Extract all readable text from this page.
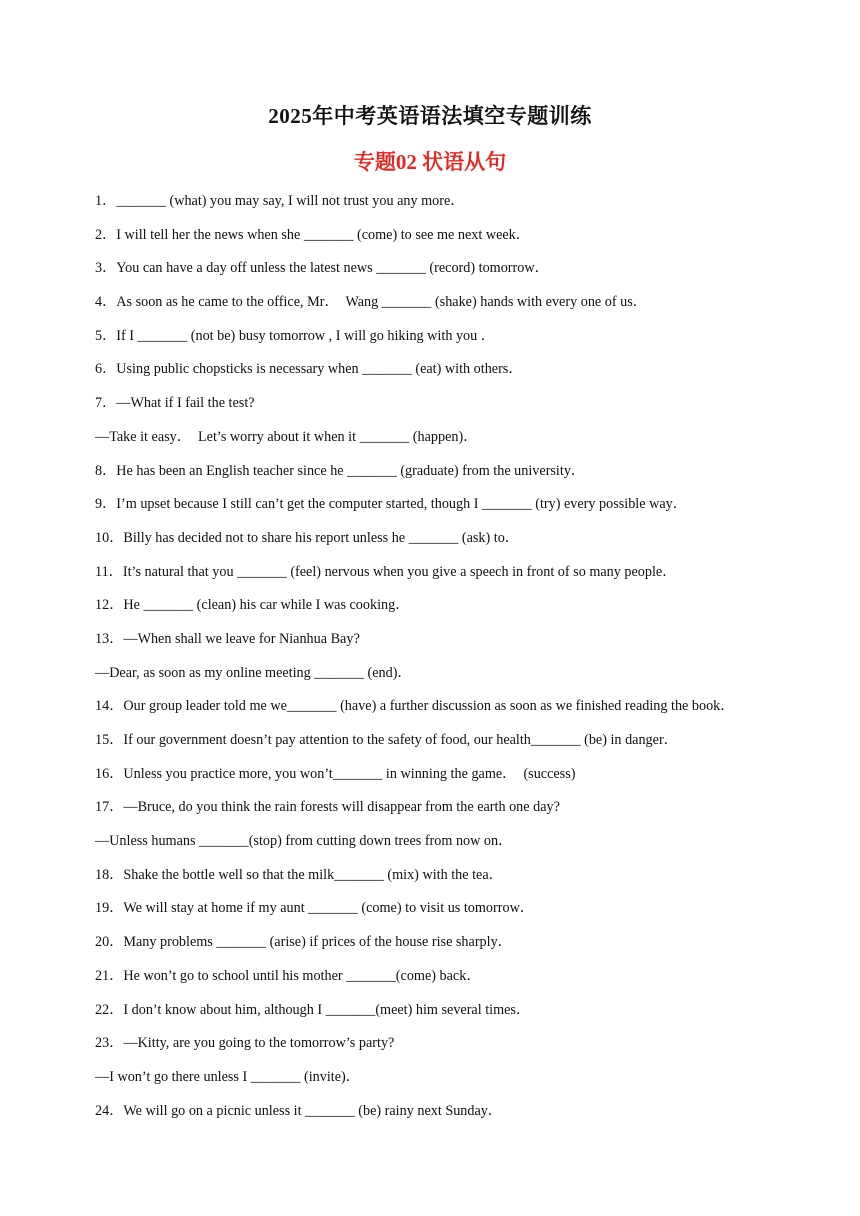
2025年中考英语语法填空专题训练
专题02 状语从句
1．_______ (what) you may say, I will not trust you any more．
2．I will tell her the news when she _______ (come) to see me next week．
3．You can have a day off unless the latest news _______ (record) tomorrow．
4．As soon as he came to the office, Mr．  Wang _______ (shake) hands with every one of us．
5．If I _______ (not be) busy tomorrow , I will go hiking with you ．
6．Using public chopsticks is necessary when _______ (eat) with others．
7．—What if I fail the test?
—Take it easy．  Let’s worry about it when it _______ (happen)．
8．He has been an English teacher since he _______ (graduate) from the university．
9．I’m upset because I still can’t get the computer started, though I _______ (try) every possible way．
10．Billy has decided not to share his report unless he _______ (ask) to．
11．It’s natural that you _______ (feel) nervous when you give a speech in front of so many people．
12．He _______ (clean) his car while I was cooking．
13．—When shall we leave for Nianhua Bay?
—Dear, as soon as my online meeting _______ (end)．
14．Our group leader told me we_______ (have) a further discussion as soon as we finished reading the book．
15．If our government doesn’t pay attention to the safety of food, our health_______ (be) in danger．
16．Unless you practice more, you won’t_______ in winning the game．  (success)
17．—Bruce, do you think the rain forests will disappear from the earth one day?
—Unless humans _______(stop) from cutting down trees from now on．
18．Shake the bottle well so that the milk_______ (mix) with the tea．
19．We will stay at home if my aunt _______ (come) to visit us tomorrow．
20．Many problems _______ (arise) if prices of the house rise sharply．
21．He won’t go to school until his mother _______(come) back．
22．I don’t know about him, although I _______(meet) him several times．
23．—Kitty, are you going to the tomorrow’s party?
—I won’t go there unless I _______ (invite)．
24．We will go on a picnic unless it _______ (be) rainy next Sunday．
